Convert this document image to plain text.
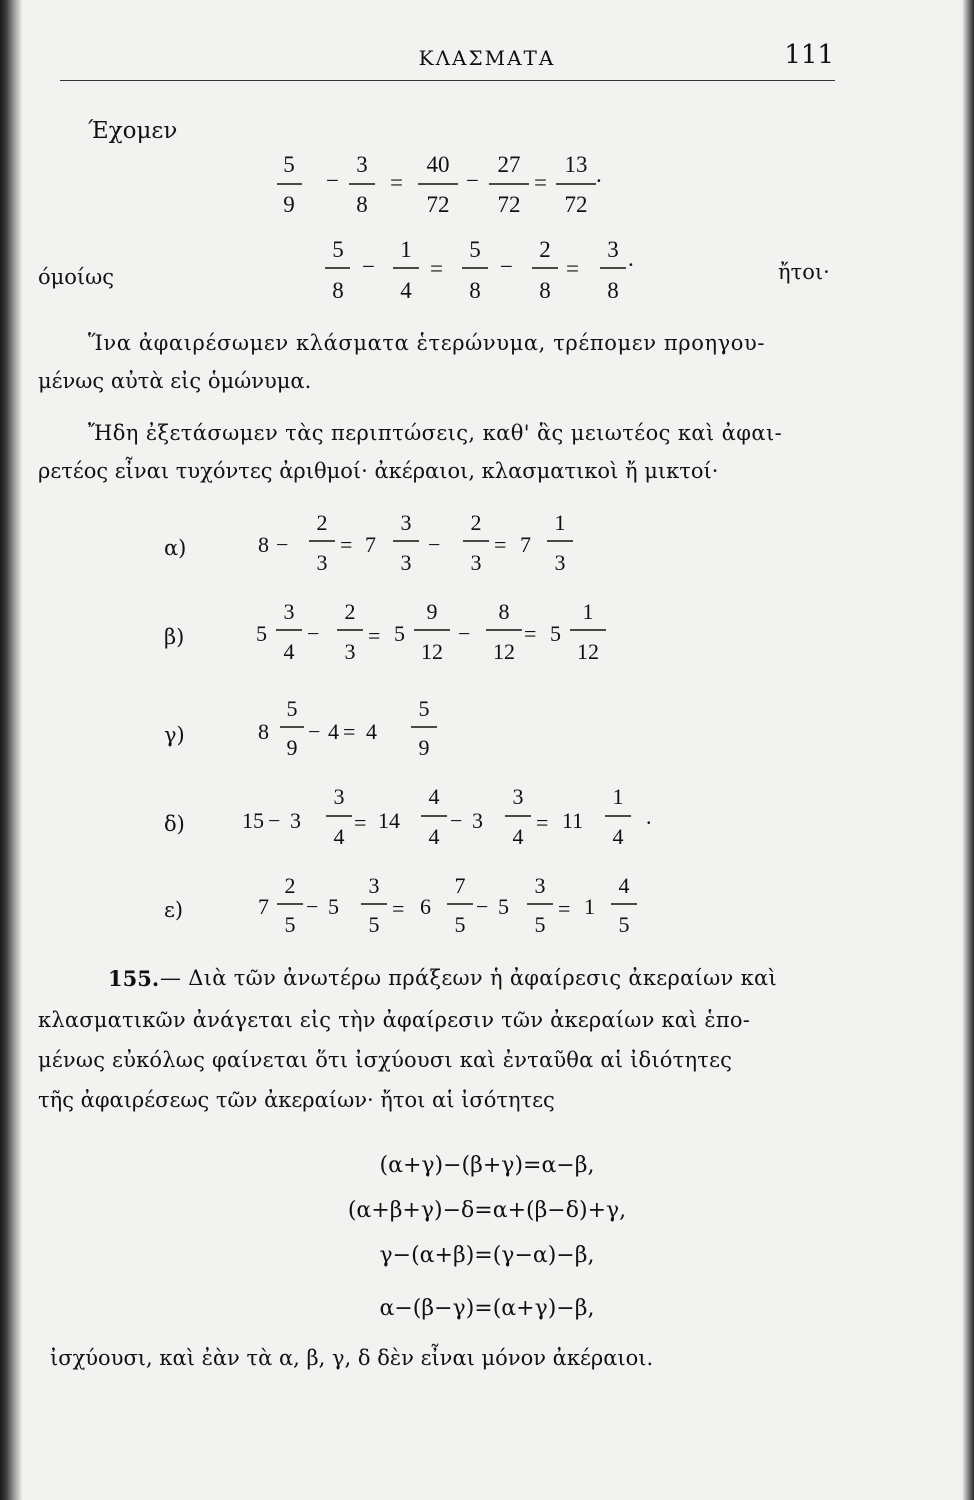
ΚΛΑΣΜΑΤΑ	111
Έχομεν
5
9
−
3
8
=
40
72
−
27
72
=
13
72
.
όμοίως	ἤτοι·
5
8
−
1
4
=
5
8
−
2
8
=
3
8
.
Ἵνα ἀφαιρέσωμεν κλάσματα ἑτερώνυμα, τρέπομεν προηγου-
μένως αὐτὰ εἰς ὁμώνυμα.
Ἤδη ἐξετάσωμεν τὰς περιπτώσεις, καθ' ἃς μειωτέος καὶ ἀφαι-
ρετέος εἶναι τυχόντες ἀριθμοί· ἀκέραιοι, κλασματικοὶ ἤ μικτοί·
α)
β)
γ)
δ)
ε)
8 −
2
3
= 7
3
3
−
2
3
= 7
1
3
5
3
4
−
2
3
= 5
9
12
−
8
12
= 5
1
12
8
5
9
− 4 = 4
5
9
15 − 3
3
4
= 14
4
4
− 3
3
4
= 11
1
4
.
7
2
5
− 5
3
5
= 6
7
5
− 5
3
5
= 1
4
5
155. — Διὰ τῶν ἀνωτέρω πράξεων ἡ ἀφαίρεσις ἀκεραίων καὶ
κλασματικῶν ἀνάγεται εἰς τὴν ἀφαίρεσιν τῶν ἀκεραίων καὶ ἑπο-
μένως εὐκόλως φαίνεται ὅτι ἰσχύουσι καὶ ἐνταῦθα αἱ ἰδιότητες
τῆς ἀφαιρέσεως τῶν ἀκεραίων· ἤτοι αἱ ἰσότητες
(α+γ)−(β+γ)=α−β,
(α+β+γ)−δ=α+(β−δ)+γ,
γ−(α+β)=(γ−α)−β,
α−(β−γ)=(α+γ)−β,
ἰσχύουσι, καὶ ἐὰν τὰ α, β, γ, δ δὲν εἶναι μόνον ἀκέραιοι.
